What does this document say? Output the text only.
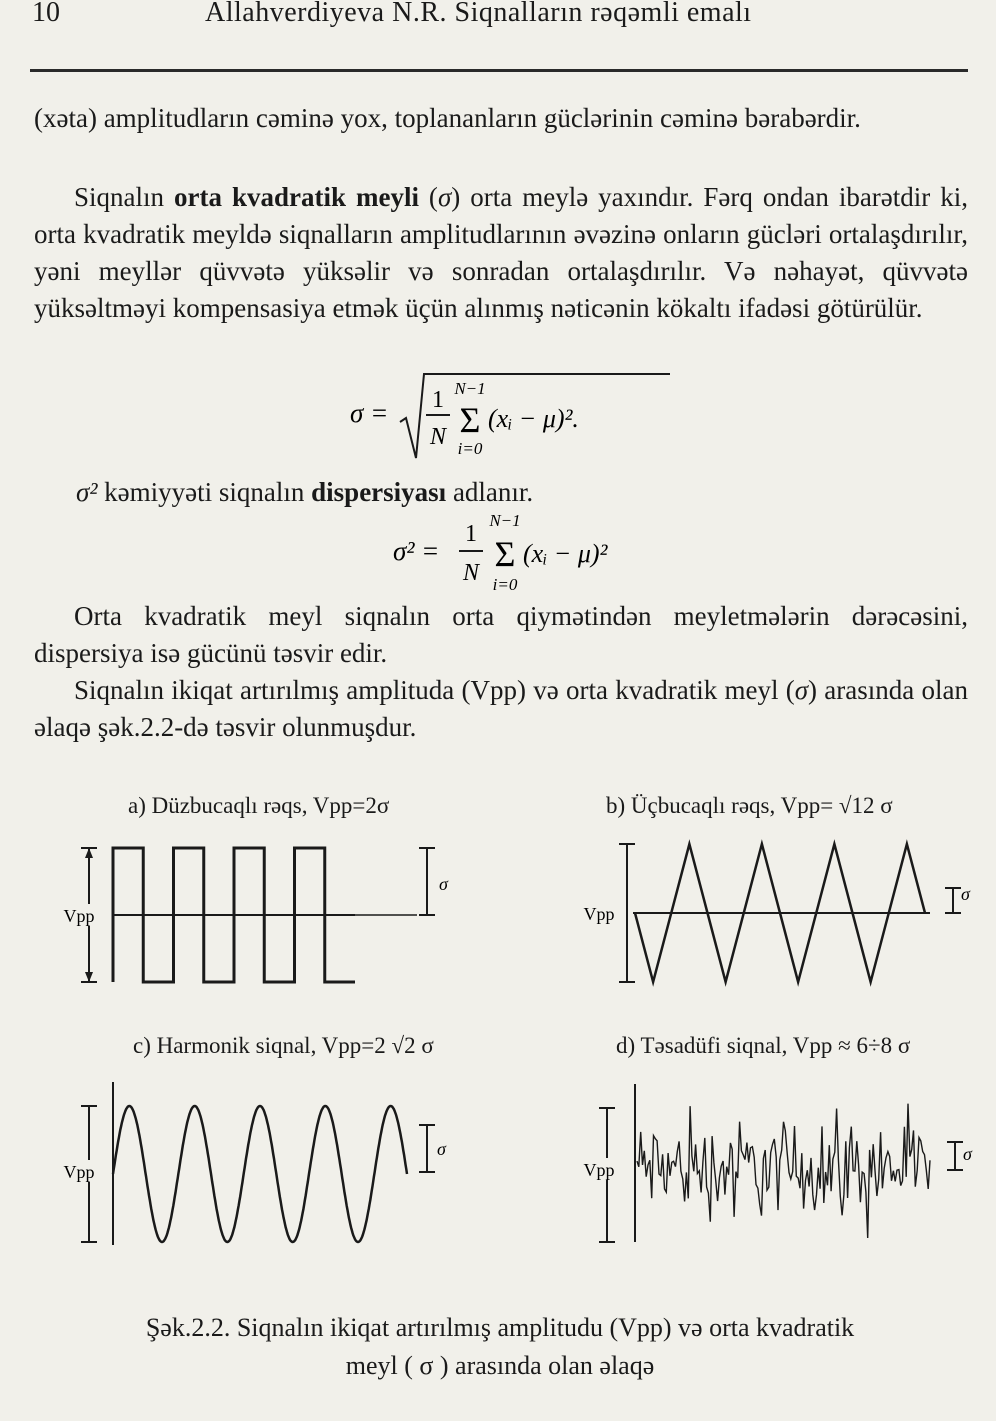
10	Allahverdiyeva N.R. Siqnalların rəqəmli emalı
(xəta) amplitudların cəminə yox, toplananların güclərinin cəminə bərabərdir.
Siqnalın orta kvadratik meyli (σ) orta meylə yaxındır. Fərq ondan ibarətdir ki, orta kvadratik meyldə siqnalların amplitudlarının əvəzinə onların gücləri ortalaşdırılır, yəni meyllər qüvvətə yüksəlir və sonradan ortalaşdırılır. Və nəhayət, qüvvətə yüksəltməyi kompensasiya etmək üçün alınmış nəticənin kökaltı ifadəsi götürülür.
σ = 1
N
N−1
Σ
i=0
(xᵢ − μ)².
σ² kəmiyyəti siqnalın dispersiyası adlanır.
σ² =
1
N
N−1
Σ
i=0
(xᵢ − μ)²
Orta kvadratik meyl siqnalın orta qiymətindən meyletmələrin dərəcəsini, dispersiya isə gücünü təsvir edir.
Siqnalın ikiqat artırılmış amplituda (Vpp) və orta kvadratik meyl (σ) arasında olan əlaqə şək.2.2-də təsvir olunmuşdur.
a) Düzbucaqlı rəqs, Vpp=2σ	b) Üçbucaqlı rəqs, Vpp= √12 σ
c) Harmonik siqnal, Vpp=2 √2 σ	d) Təsadüfi siqnal, Vpp ≈ 6÷8 σ
Vpp
σ
Vpp
σ
Vpp
σ
Vpp
σ
Şək.2.2. Siqnalın ikiqat artırılmış amplitudu (Vpp) və orta kvadratik
meyl ( σ ) arasında olan əlaqə
